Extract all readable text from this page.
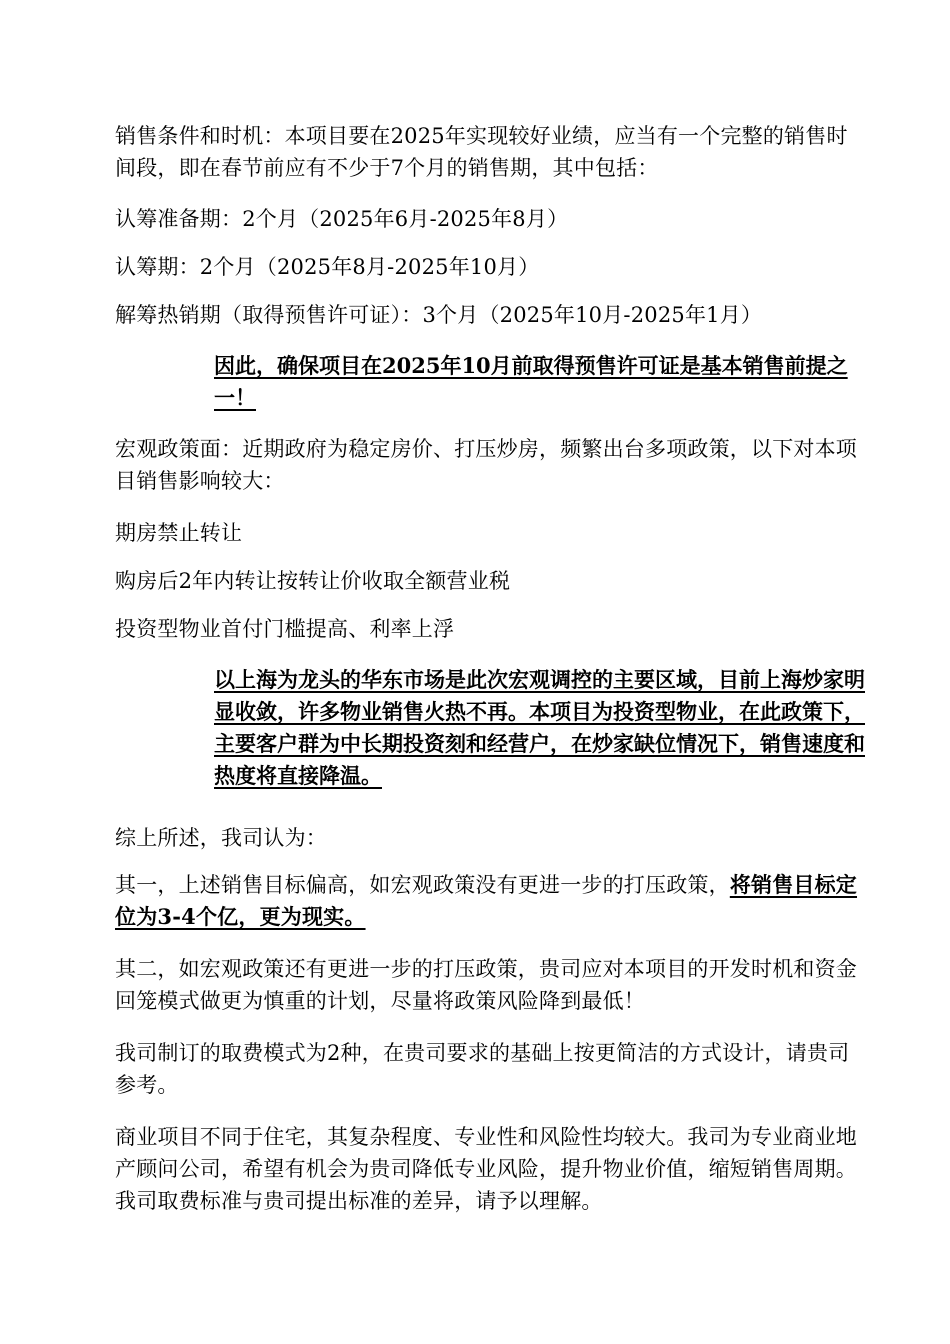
销售条件和时机：本项目要在2025年实现较好业绩，应当有一个完整的销售时间段，即在春节前应有不少于7个月的销售期，其中包括：

认筹准备期：2个月（2025年6月-2025年8月）

认筹期：2个月（2025年8月-2025年10月）

解筹热销期（取得预售许可证）：3个月（2025年10月-2025年1月）

因此，确保项目在2025年10月前取得预售许可证是基本销售前提之一！

宏观政策面：近期政府为稳定房价、打压炒房，频繁出台多项政策，以下对本项目销售影响较大：

期房禁止转让

购房后2年内转让按转让价收取全额营业税

投资型物业首付门槛提高、利率上浮

以上海为龙头的华东市场是此次宏观调控的主要区域，目前上海炒家明显收敛，许多物业销售火热不再。本项目为投资型物业，在此政策下，主要客户群为中长期投资刻和经营户，在炒家缺位情况下，销售速度和热度将直接降温。

综上所述，我司认为：

其一，上述销售目标偏高，如宏观政策没有更进一步的打压政策，将销售目标定位为3-4个亿，更为现实。

其二，如宏观政策还有更进一步的打压政策，贵司应对本项目的开发时机和资金回笼模式做更为慎重的计划，尽量将政策风险降到最低！

我司制订的取费模式为2种，在贵司要求的基础上按更简洁的方式设计，请贵司参考。

商业项目不同于住宅，其复杂程度、专业性和风险性均较大。我司为专业商业地产顾问公司，希望有机会为贵司降低专业风险，提升物业价值，缩短销售周期。我司取费标准与贵司提出标准的差异，请予以理解。
